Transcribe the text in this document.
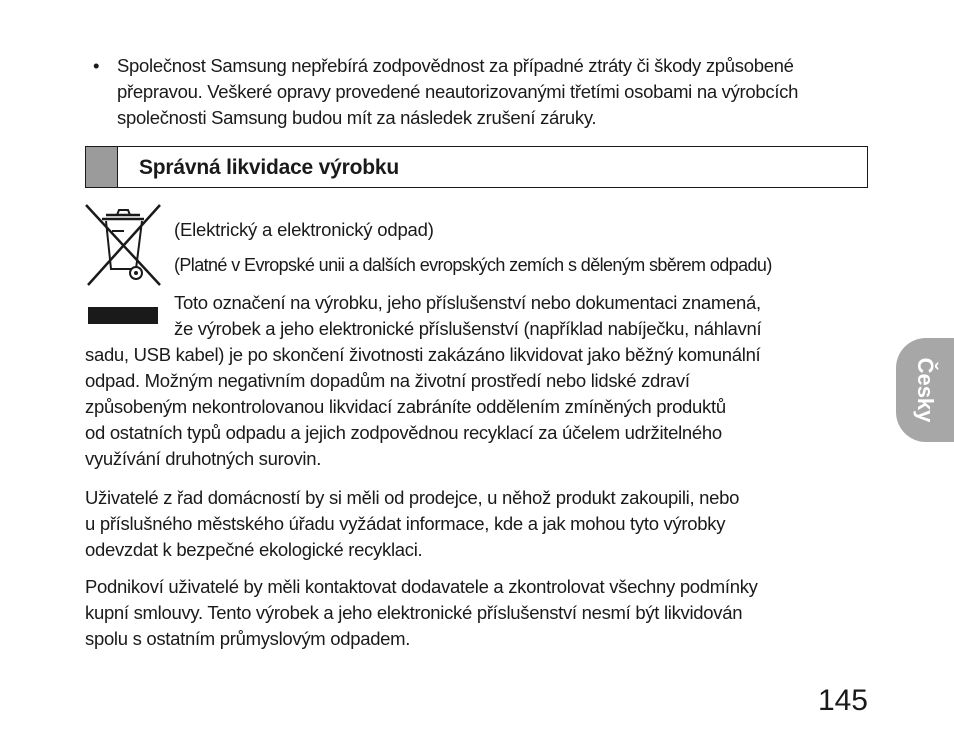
• Společnost Samsung nepřebírá zodpovědnost za případné ztráty či škody způsobené
přepravou. Veškeré opravy provedené neautorizovanými třetími osobami na výrobcích
společnosti Samsung budou mít za následek zrušení záruky.
Správná likvidace výrobku
(Elektrický a elektronický odpad)
(Platné v Evropské unii a dalších evropských zemích s děleným sběrem odpadu)
Toto označení na výrobku, jeho příslušenství nebo dokumentaci znamená,
že výrobek a jeho elektronické příslušenství (například nabíječku, náhlavní
sadu, USB kabel) je po skončení životnosti zakázáno likvidovat jako běžný komunální
odpad. Možným negativním dopadům na životní prostředí nebo lidské zdraví
způsobeným nekontrolovanou likvidací zabráníte oddělením zmíněných produktů
od ostatních typů odpadu a jejich zodpovědnou recyklací za účelem udržitelného
využívání druhotných surovin.
Uživatelé z řad domácností by si měli od prodejce, u něhož produkt zakoupili, nebo
u příslušného městského úřadu vyžádat informace, kde a jak mohou tyto výrobky
odevzdat k bezpečné ekologické recyklaci.
Podnikoví uživatelé by měli kontaktovat dodavatele a zkontrolovat všechny podmínky
kupní smlouvy. Tento výrobek a jeho elektronické příslušenství nesmí být likvidován
spolu s ostatním průmyslovým odpadem.
Česky
145
